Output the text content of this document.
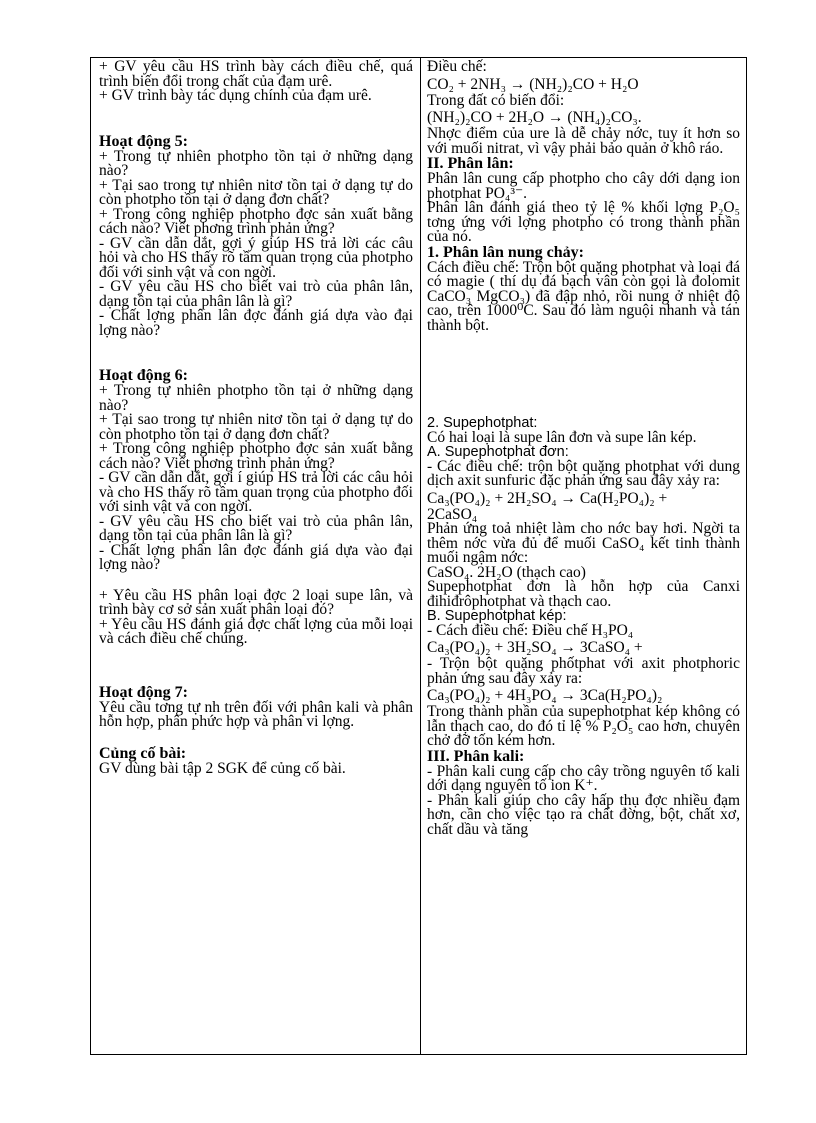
+ GV yêu cầu HS trình bày cách điều chế, quá trình biến đổi trong chất của đạm urê.

+ GV trình bày tác dụng chính của đạm urê.

Hoạt động 5:

+ Trong tự nhiên photpho tồn tại ở những dạng nào?

+ Tại sao trong tự nhiên nitơ tồn tại ở dạng tự do còn photpho tồn tại ở dạng đơn chất?

+ Trong công nghiệp photpho đợc sản xuất bằng cách nào? Viết phơng trình phản ứng?

- GV cần dẫn dắt, gợi ý giúp HS trả lời các câu hỏi và cho HS thấy rõ tầm quan trọng của photpho đối với sinh vật và con ngời.

- GV yêu cầu HS cho biết vai trò của phân lân, dạng tồn tại của phân lân là gì?

- Chất lợng phân lân đợc đánh giá dựa vào đại lợng nào?

Hoạt động 6:

+ Trong tự nhiên photpho tồn tại ở những dạng nào?

+ Tại sao trong tự nhiên nitơ tồn tại ở dạng tự do còn photpho tồn tại ở dạng đơn chất?

+ Trong công nghiệp photpho đợc sản xuất bằng cách nào? Viết phơng trình phản ứng?

- GV cần dẫn dắt, gợi í giúp HS trả lời các câu hỏi và cho HS thấy rõ tầm quan trọng của photpho đối với sinh vật và con ngời.

- GV yêu cầu HS cho biết vai trò của phân lân, dạng tồn tại của phân lân là gì?

- Chất lợng phân lân đợc đánh giá dựa vào đại lợng nào?

+ Yêu cầu HS phân loại đợc 2 loại supe lân, và trình bày cơ sở sản xuất phân loại đó?

+ Yêu cầu HS đánh giá đợc chất lợng của mỗi loại và cách điều chế chúng.

Hoạt động 7:

Yêu cầu tơng tự nh trên đối với phân kali và phân hỗn hợp, phân phức hợp và phân vi lợng.

Củng cố bài:

GV dùng bài tập 2 SGK để củng cố bài.

Điều chế:

CO₂ + 2NH₃ → (NH₂)₂CO + H₂O

Trong đất có biến đổi:

(NH₂)₂CO + 2H₂O → (NH₄)₂CO₃.

Nhợc điểm của ure là dễ chảy nớc, tuy ít hơn so với muối nitrat, vì vậy phải bảo quản ở khô ráo.

II. Phân lân:

Phân lân cung cấp photpho cho cây dới dạng ion photphat PO₄³⁻.

Phân lân đánh giá theo tỷ lệ % khối lợng P₂O₅ tơng ứng với lợng photpho có trong thành phần của nó.

1. Phân lân nung chảy:

Cách điều chế: Trộn bột quặng photphat và loại đá có magie ( thí dụ đá bạch vân còn gọi là đolomit CaCO₃ MgCO₃) đã đập nhỏ, rồi nung ở nhiệt độ cao, trên 1000⁰C. Sau đó làm nguội nhanh và tán thành bột.

2. Supephotphat:

Có hai loại là supe lân đơn và supe lân kép.

A. Supephotphat đơn:

- Các điều chế: trộn bột quặng photphat với dung dịch axit sunfuric đặc phản ứng sau đây xảy ra:

Ca₃(PO₄)₂ + 2H₂SO₄ → Ca(H₂PO₄)₂ +

2CaSO₄

Phản ứng toả nhiệt làm cho nớc bay hơi. Ngời ta thêm nớc vừa đủ để muối CaSO₄ kết tinh thành muối ngậm nớc:

CaSO₄. 2H₂O (thạch cao)

Supephotphat đơn là hỗn hợp của Canxi đihiđrôphotphat và thạch cao.

B. Supephotphat kép:

- Cách điều chế: Điều chế H₃PO₄

Ca₃(PO₄)₂ + 3H₂SO₄ → 3CaSO₄ +

- Trộn bột quặng phốtphat với axit photphoric phản ứng sau đây xảy ra:

Ca₃(PO₄)₂ + 4H₃PO₄ → 3Ca(H₂PO₄)₂

Trong thành phần của supephotphat kép không có lẫn thạch cao, do đó tỉ lệ % P₂O₅ cao hơn, chuyên chở đỡ tốn kém hơn.

III. Phân kali:

- Phân kali cung cấp cho cây trồng nguyên tố kali dới dạng nguyên tố ion K⁺.

- Phân kali giúp cho cây hấp thụ đợc nhiều đạm hơn, cần cho việc tạo ra chất đờng, bột, chất xơ, chất dầu và tăng
